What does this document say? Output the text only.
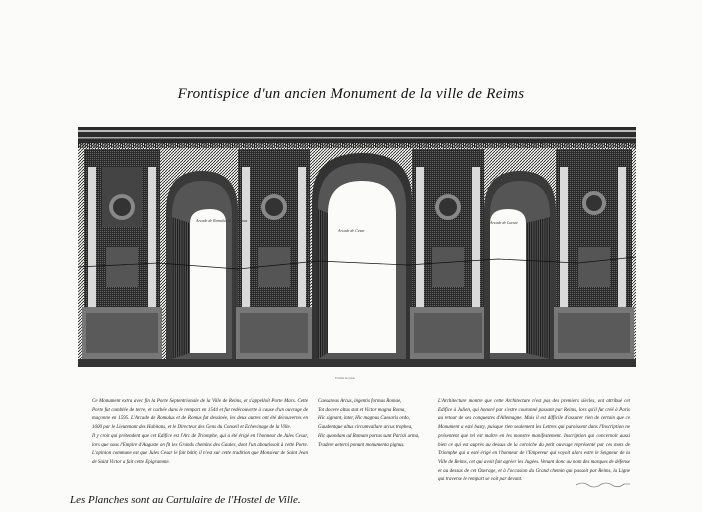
Frontispice d'un ancien Monument de la ville de Reims
Arcade de Remulus et de Remus
Arcade de Cesar
Arcade de Lucuie
Echelle de pieds

Ce Monument extra avec fin la Porte Septentrionale de la Ville de Reims, et s'appelloit Porte Mars. Cette Porte fut comblée de terre, et cachée dans le rempart en 1544 et fut redécouverte à cause d'un ouvrage de maçonne en 1595. L'Arcade de Romulus et de Romus fut dessinée, les deux autres ont été découvertes en 1600 par le Lieutenant des Habitans, et le Directeur des Gens du Conseil et Echevinage de la Ville.

Il y croit qui prétendent que cet Edifice est l'Arc de Triomphe, qui a été érigé en l'honneur de Jules Cesar, lors que sous l'Empire d'Auguste on fit les Grands chemins des Gaules, dont l'un aboutissoit à cette Porte. L'opinion commune est que Jules Cesar le fait bâtir, il n'est sur cette tradition que Monsieur de Saint Jean de Saint Victor a fait cette Epigramme.

Caesareas Arcus, ingentis formas Romae,

Tot docere altus stat et Victor magna Roma,

Hic signant, inter, Hic magnus Caesaris ordo,

Gaudentque altus circumvallare arcus trophea,

Hic quondam ad Romam portas sunt Parisii arma,

Tradere aeterni ponunt monumenta pignus.

L'Architecture montre que cette Architecture n'est pas des premiers siècles, ont attribué cet Edifice à Julien, qui honoré par s'estre couronné passant par Reims, lors qu'il fut créé à Paris au retour de ses conquestes d'Allemagne. Mais il est difficile d'assurer rien de certain que ce Monument a esté basty, puisque rien seulement les Lettres qui paroissent dans l'Inscription ne présentent que tel est maître en les monstre manifestement. Inscription qui concernoit aussi bien ce qui est auprès au dessus de la corniche du petit ouvrage représenté par ces mots de Triomphe qui a esté érigé en l'honneur de l'Empereur qui voyoit alors estre le Seigneur de la Ville de Reims, cet qui avoit fait agréer les Jugées. Venant donc au nom des marques de défense et au dessus de cet Ouvrage, et à l'occasion du Grand chemin qui passoit par Reims, la Ligne qui traverse le rempart se voit par devant.

Les Planches sont au Cartulaire de l'Hostel de Ville.
